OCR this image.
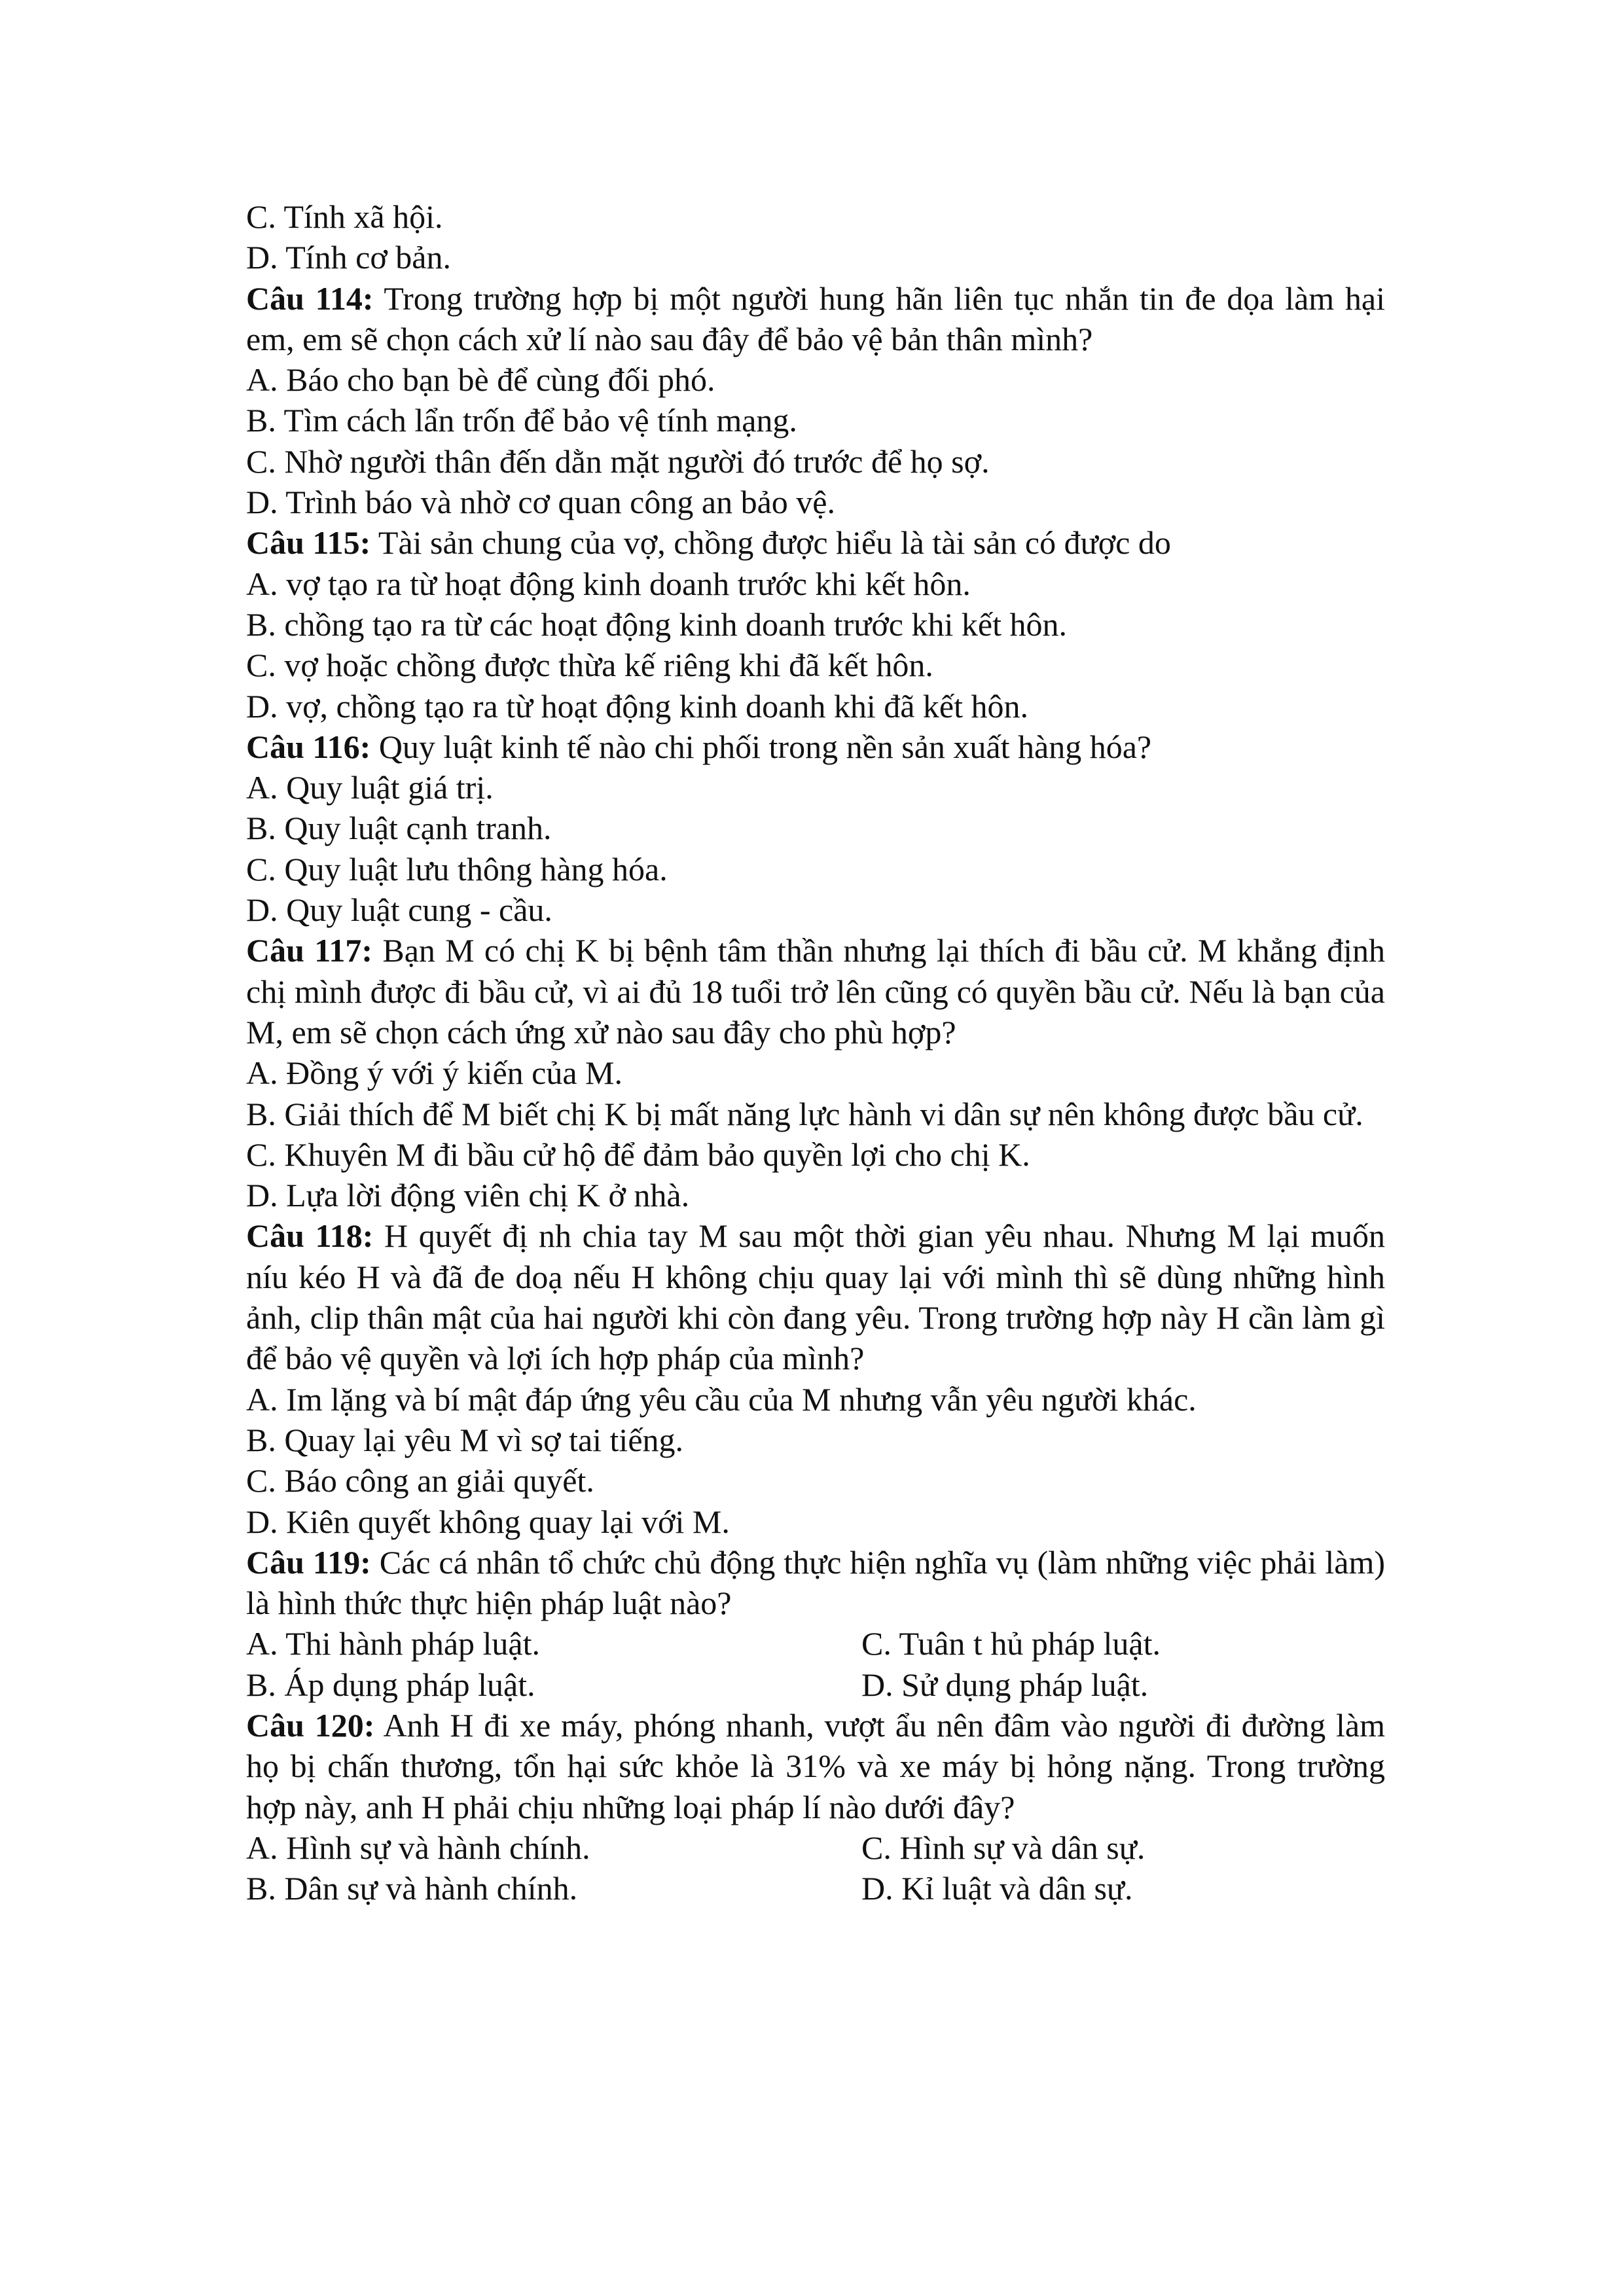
C. Tính xã hội.
D. Tính cơ bản.

Câu 114: Trong trường hợp bị một người hung hãn liên tục nhắn tin đe dọa làm hại em, em sẽ chọn cách xử lí nào sau đây để bảo vệ bản thân mình?

A. Báo cho bạn bè để cùng đối phó.
B. Tìm cách lẩn trốn để bảo vệ tính mạng.
C. Nhờ người thân đến dằn mặt người đó trước để họ sợ.
D. Trình báo và nhờ cơ quan công an bảo vệ.

Câu 115: Tài sản chung của vợ, chồng được hiểu là tài sản có được do

A. vợ tạo ra từ hoạt động kinh doanh trước khi kết hôn.
B. chồng tạo ra từ các hoạt động kinh doanh trước khi kết hôn.
C. vợ hoặc chồng được thừa kế riêng khi đã kết hôn.
D. vợ, chồng tạo ra từ hoạt động kinh doanh khi đã kết hôn.

Câu 116: Quy luật kinh tế nào chi phối trong nền sản xuất hàng hóa?

A. Quy luật giá trị.
B. Quy luật cạnh tranh.
C. Quy luật lưu thông hàng hóa.
D. Quy luật cung - cầu.

Câu 117: Bạn M có chị K bị bệnh tâm thần nhưng lại thích đi bầu cử. M khẳng định chị mình được đi bầu cử, vì ai đủ 18 tuổi trở lên cũng có quyền bầu cử. Nếu là bạn của M, em sẽ chọn cách ứng xử nào sau đây cho phù hợp?

A. Đồng ý với ý kiến của M.

B. Giải thích để M biết chị K bị mất năng lực hành vi dân sự nên không được bầu cử.

C. Khuyên M đi bầu cử hộ để đảm bảo quyền lợi cho chị K.
D. Lựa lời động viên chị K ở nhà.

Câu 118: H quyết đị nh chia tay M sau một thời gian yêu nhau. Nhưng M lại muốn níu kéo H và đã đe doạ nếu H không chịu quay lại với mình thì sẽ dùng những hình ảnh, clip thân mật của hai người khi còn đang yêu. Trong trường hợp này H cần làm gì để bảo vệ quyền và lợi ích hợp pháp của mình?

A. Im lặng và bí mật đáp ứng yêu cầu của M nhưng vẫn yêu người khác.
B. Quay lại yêu M vì sợ tai tiếng.
C. Báo công an giải quyết.
D. Kiên quyết không quay lại với M.

Câu 119: Các cá nhân tổ chức chủ động thực hiện nghĩa vụ (làm những việc phải làm) là hình thức thực hiện pháp luật nào?

A. Thi hành pháp luật.	C. Tuân t hủ pháp luật.
B. Áp dụng pháp luật.	D. Sử dụng pháp luật.

Câu 120: Anh H đi xe máy, phóng nhanh, vượt ẩu nên đâm vào người đi đường làm họ bị chấn thương, tổn hại sức khỏe là 31% và xe máy bị hỏng nặng. Trong trường hợp này, anh H phải chịu những loại pháp lí nào dưới đây?

A. Hình sự và hành chính.	C. Hình sự và dân sự.
B. Dân sự và hành chính.	D. Kỉ luật và dân sự.
